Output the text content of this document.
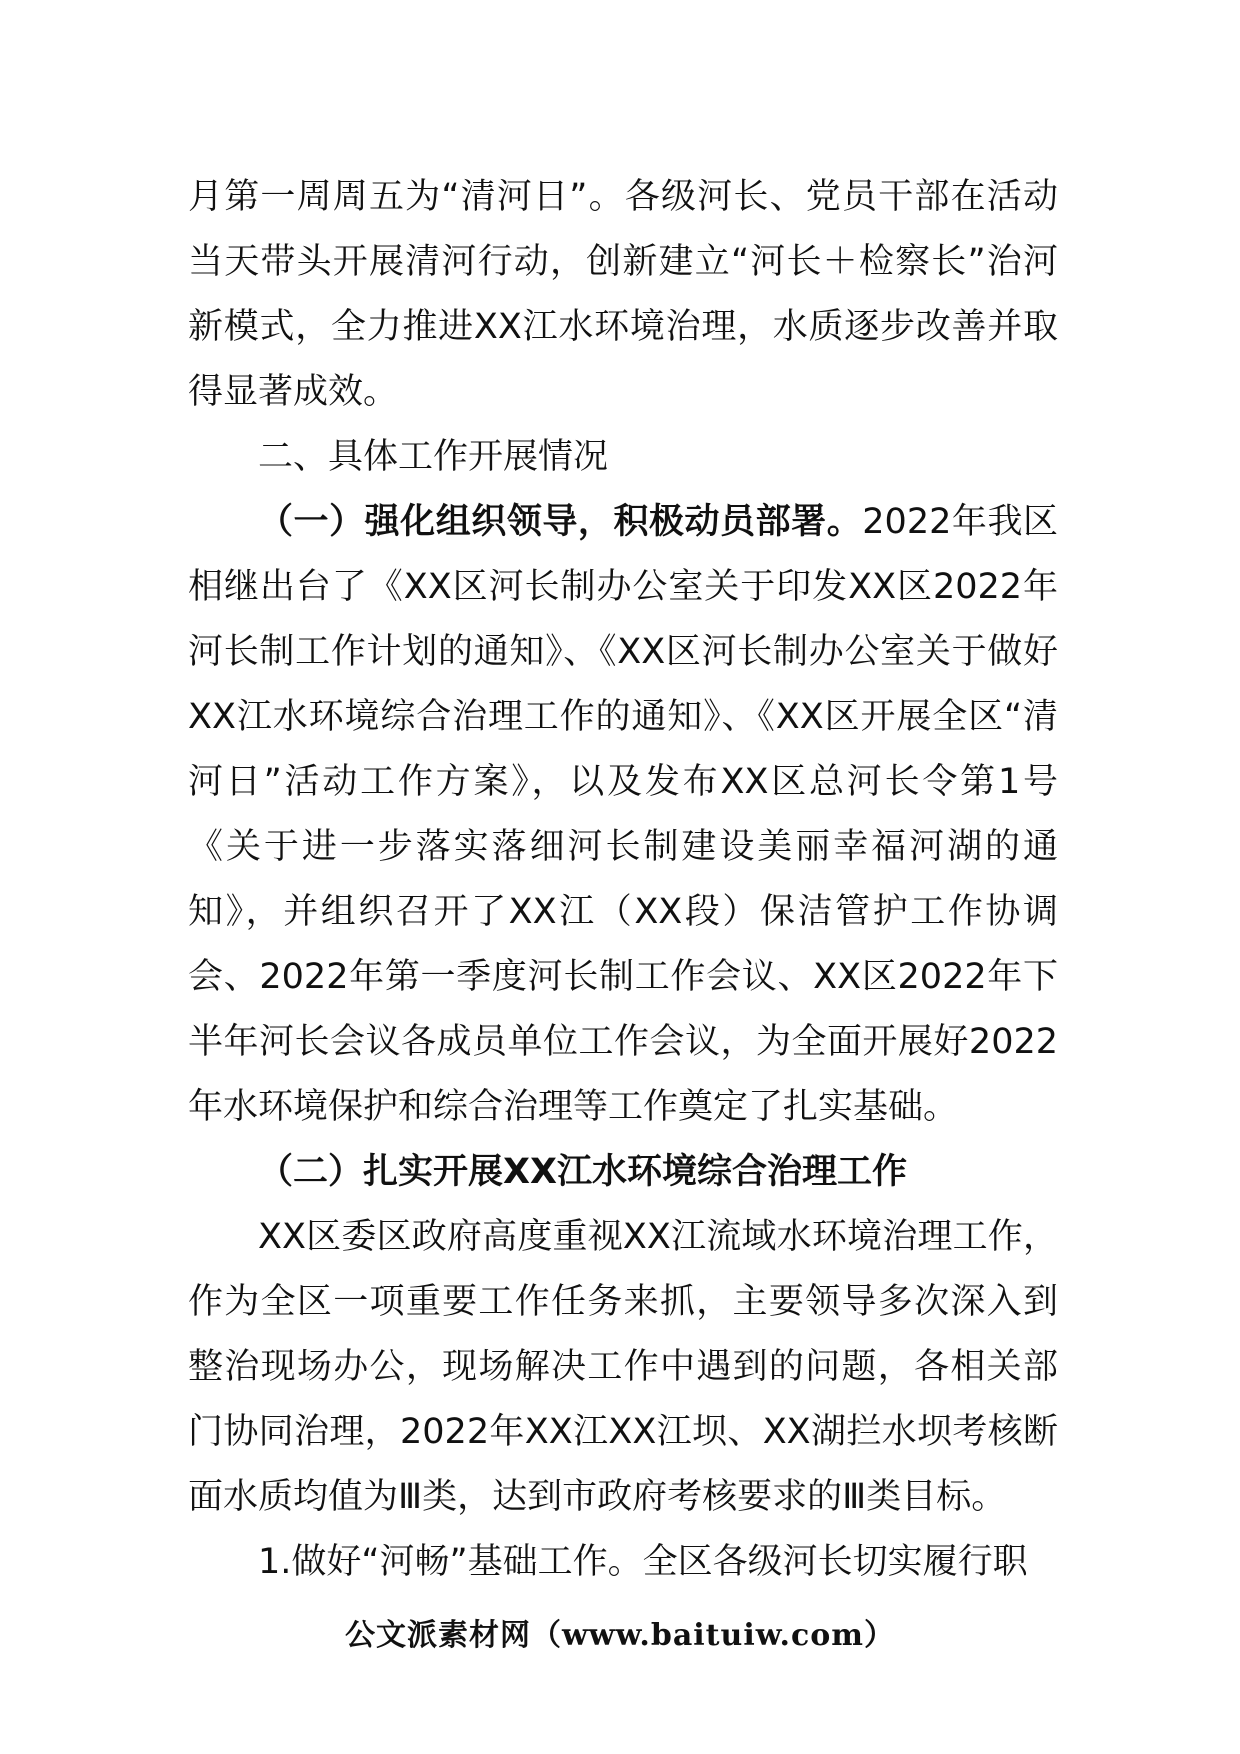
月第一周周五为“清河日”。各级河长、党员干部在活动当天带头开展清河行动，创新建立“河长＋检察长”治河新模式，全力推进XX江水环境治理，水质逐步改善并取得显著成效。

二、具体工作开展情况

（一）强化组织领导，积极动员部署。2022年我区相继出台了《XX区河长制办公室关于印发XX区2022年河长制工作计划的通知》、《XX区河长制办公室关于做好XX江水环境综合治理工作的通知》、《XX区开展全区“清河日”活动工作方案》，以及发布XX区总河长令第1号《关于进一步落实落细河长制建设美丽幸福河湖的通知》，并组织召开了XX江（XX段）保洁管护工作协调会、2022年第一季度河长制工作会议、XX区2022年下半年河长会议各成员单位工作会议，为全面开展好2022年水环境保护和综合治理等工作奠定了扎实基础。

（二）扎实开展XX江水环境综合治理工作

XX区委区政府高度重视XX江流域水环境治理工作，作为全区一项重要工作任务来抓，主要领导多次深入到整治现场办公，现场解决工作中遇到的问题，各相关部门协同治理，2022年XX江XX江坝、XX湖拦水坝考核断面水质均值为Ⅲ类，达到市政府考核要求的Ⅲ类目标。

1.做好“河畅”基础工作。全区各级河长切实履行职

公文派素材网（www.baituiw.com）
